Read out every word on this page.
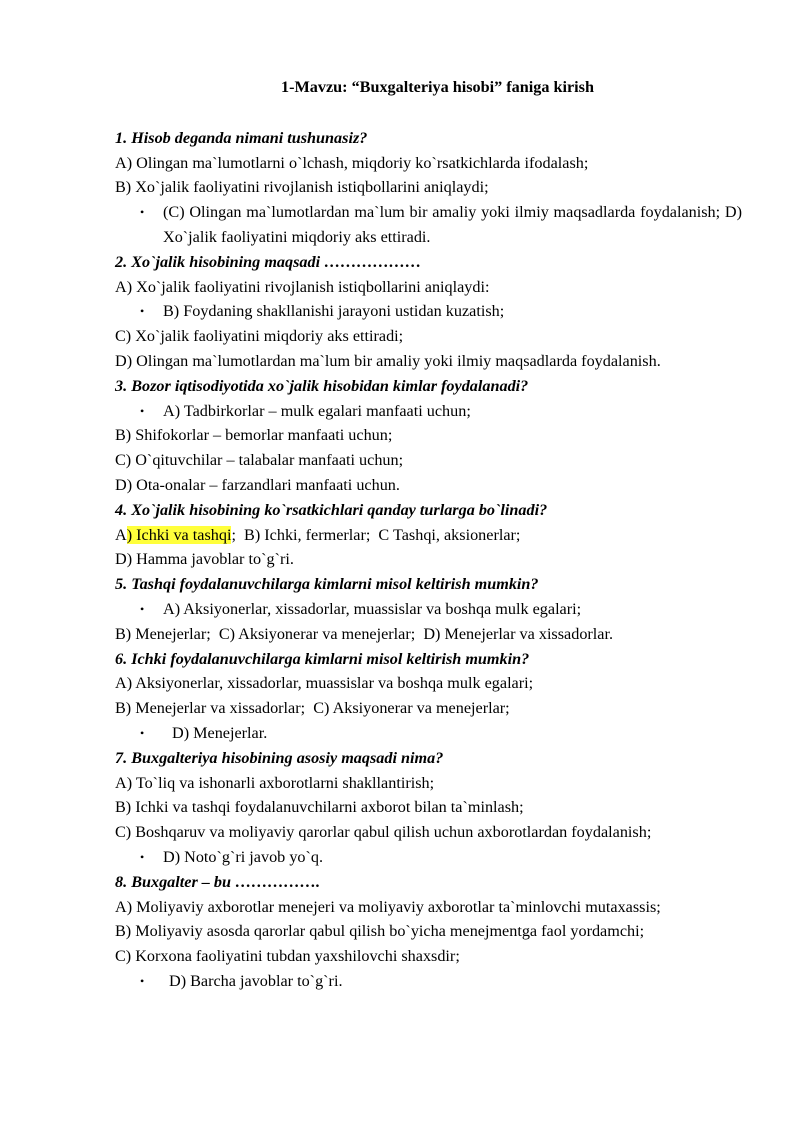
1-Mavzu: “Buxgalteriya hisobi” faniga kirish
1. Hisob deganda nimani tushunasiz?
A) Olingan ma`lumotlarni o`lchash, miqdoriy ko`rsatkichlarda ifodalash;
B) Xo`jalik faoliyatini rivojlanish istiqbollarini aniqlaydi;
• (C) Olingan ma`lumotlardan ma`lum bir amaliy yoki ilmiy maqsadlarda foydalanish; D) Xo`jalik faoliyatini miqdoriy aks ettiradi.
2. Xo`jalik hisobining maqsadi ………………
A) Xo`jalik faoliyatini rivojlanish istiqbollarini aniqlaydi:
• B) Foydaning shakllanishi jarayoni ustidan kuzatish;
C) Xo`jalik faoliyatini miqdoriy aks ettiradi;
D) Olingan ma`lumotlardan ma`lum bir amaliy yoki ilmiy maqsadlarda foydalanish.
3. Bozor iqtisodiyotida xo`jalik hisobidan kimlar foydalanadi?
• A) Tadbirkorlar – mulk egalari manfaati uchun;
B) Shifokorlar – bemorlar manfaati uchun;
C) O`qituvchilar – talabalar manfaati uchun;
D) Ota-onalar – farzandlari manfaati uchun.
4. Xo`jalik hisobining ko`rsatkichlari qanday turlarga bo`linadi?
A) Ichki va tashqi;  B) Ichki, fermerlar;  C Tashqi, aksionerlar;
D) Hamma javoblar to`g`ri.
5. Tashqi foydalanuvchilarga kimlarni misol keltirish mumkin?
• A) Aksiyonerlar, xissadorlar, muassislar va boshqa mulk egalari;
B) Menejerlar;  C) Aksiyonerar va menejerlar;  D) Menejerlar va xissadorlar.
6. Ichki foydalanuvchilarga kimlarni misol keltirish mumkin?
A) Aksiyonerlar, xissadorlar, muassislar va boshqa mulk egalari;
B) Menejerlar va xissadorlar;  C) Aksiyonerar va menejerlar;
• D) Menejerlar.
7. Buxgalteriya hisobining asosiy maqsadi nima?
A) To`liq va ishonarli axborotlarni shakllantirish;
B) Ichki va tashqi foydalanuvchilarni axborot bilan ta`minlash;
C) Boshqaruv va moliyaviy qarorlar qabul qilish uchun axborotlardan foydalanish;
• D) Noto`g`ri javob yo`q.
8. Buxgalter – bu …………….
A) Moliyaviy axborotlar menejeri va moliyaviy axborotlar ta`minlovchi mutaxassis;
B) Moliyaviy asosda qarorlar qabul qilish bo`yicha menejmentga faol yordamchi;
C) Korxona faoliyatini tubdan yaxshilovchi shaxsdir;
• D) Barcha javoblar to`g`ri.
